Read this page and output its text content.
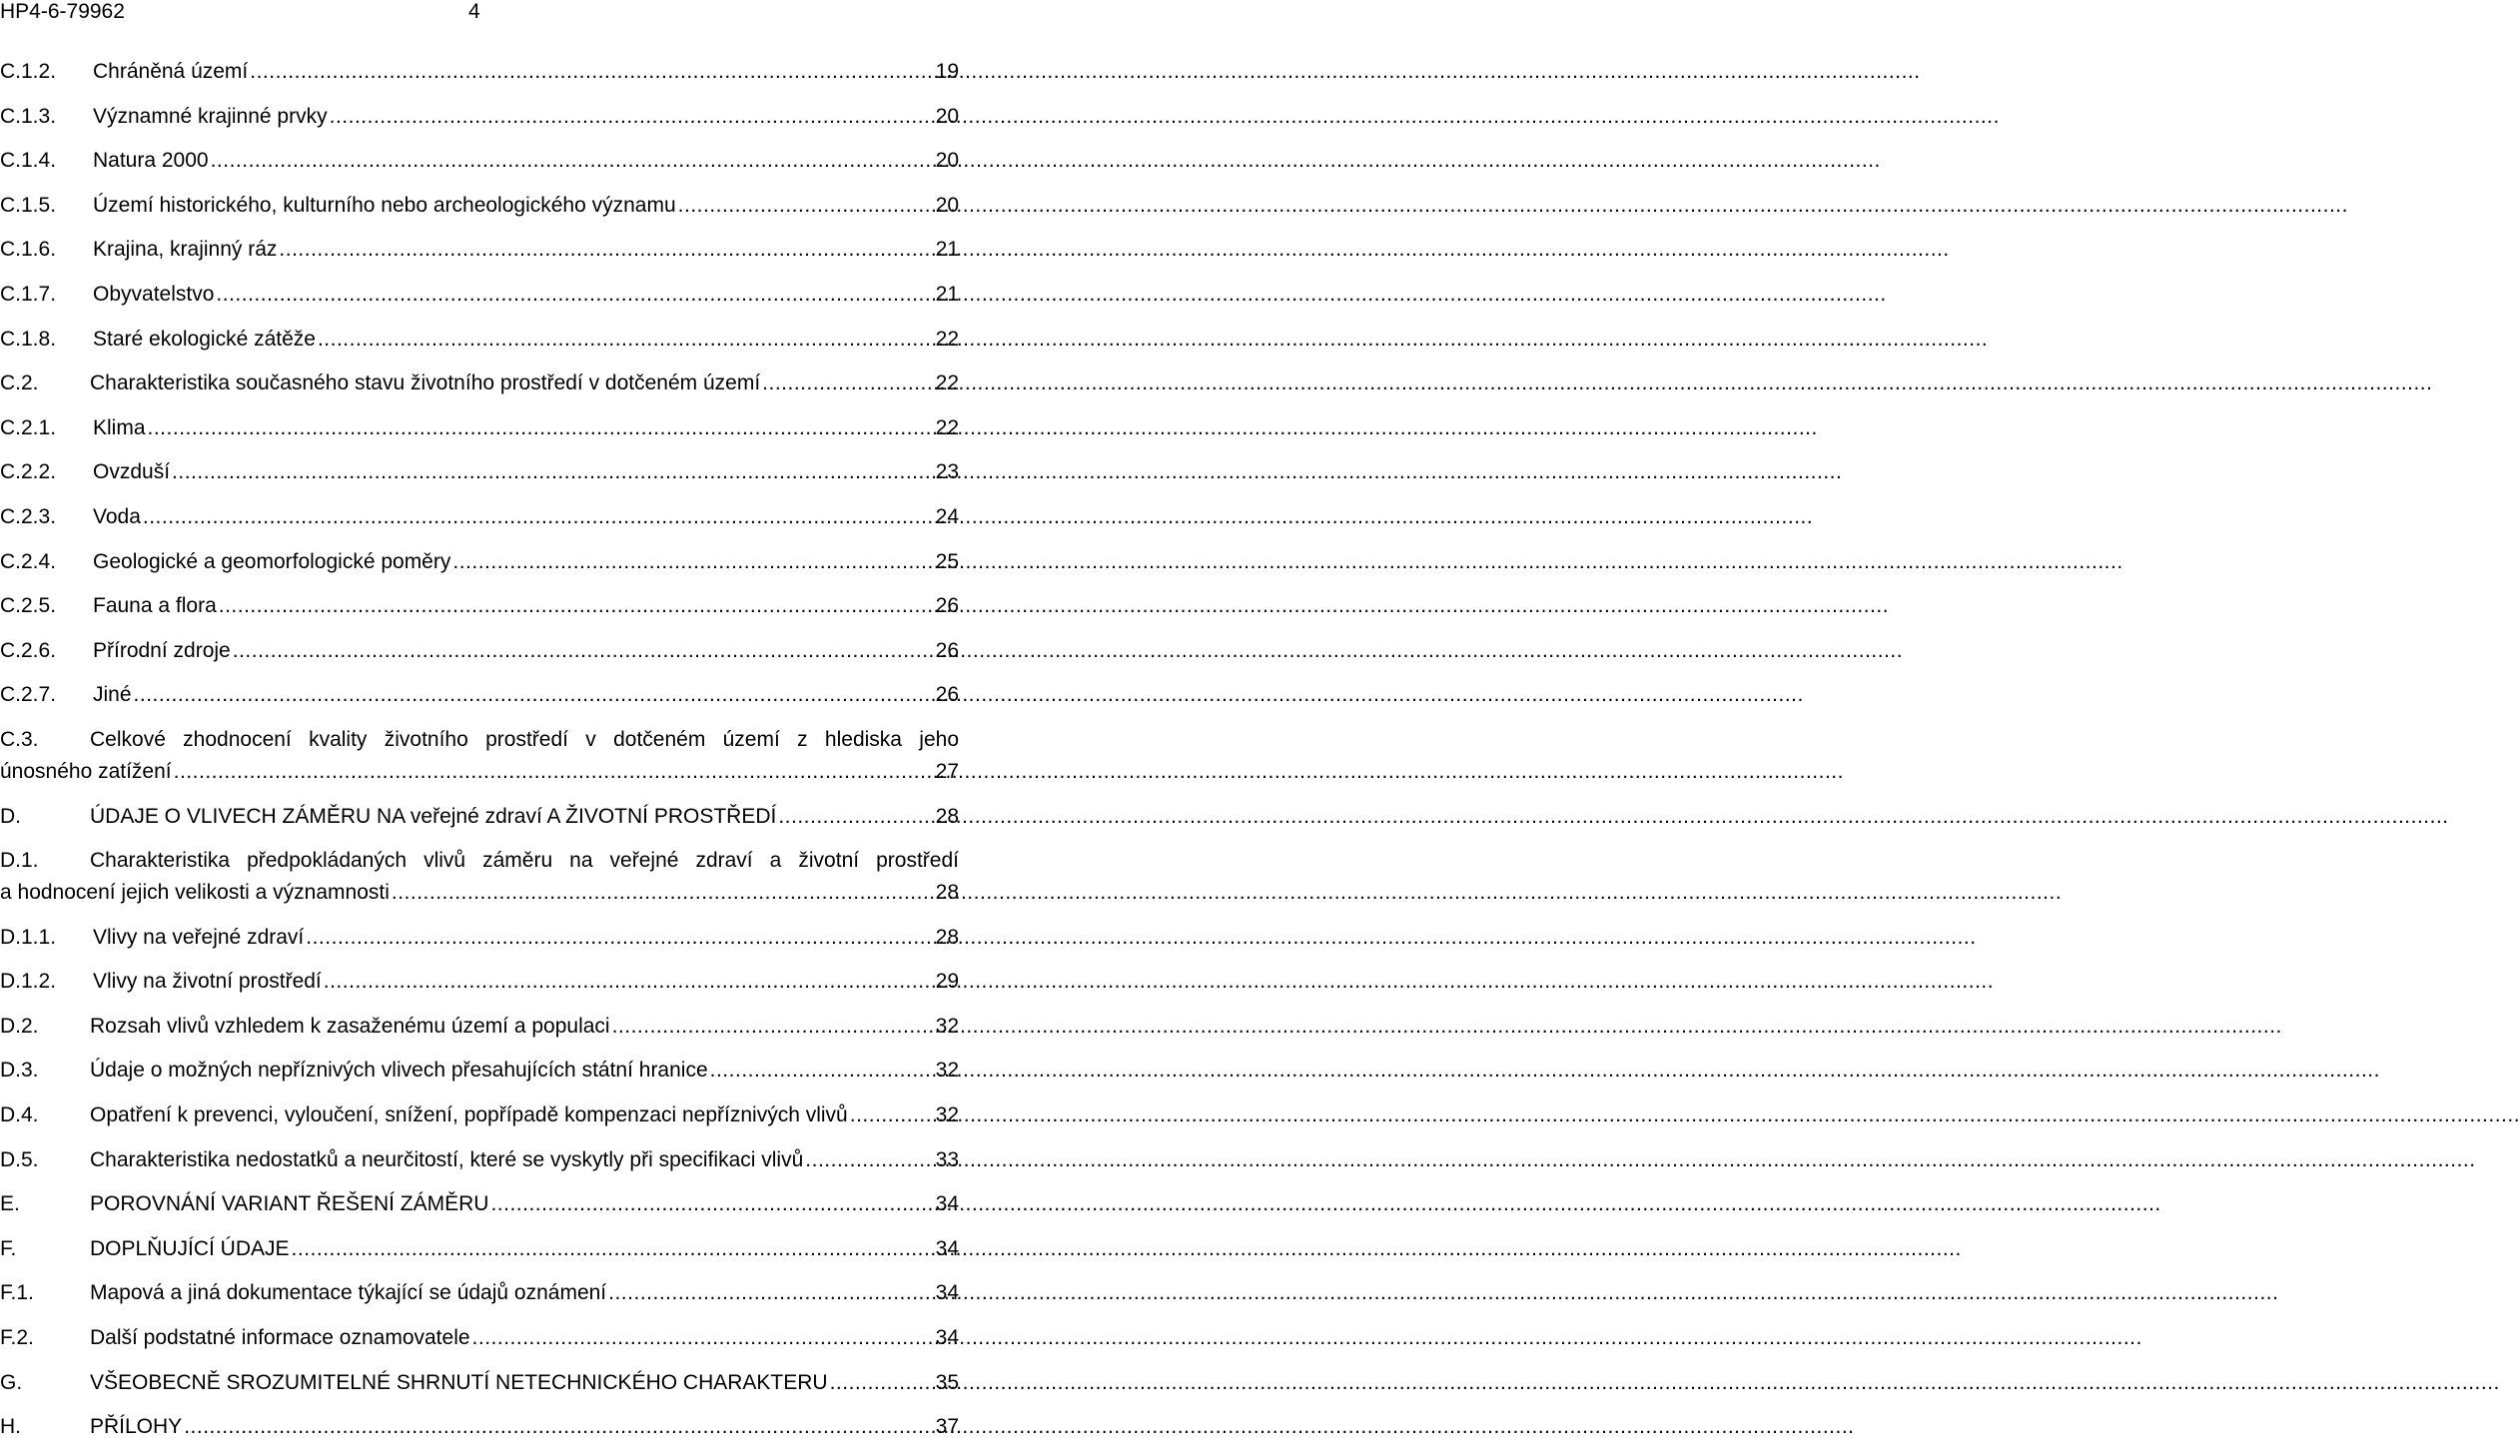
HP4-6-79962	4
C.1.2.	Chráněná území .....	19
C.1.3.	Významné krajinné prvky .....	20
C.1.4.	Natura 2000 .....	20
C.1.5.	Území historického, kulturního nebo archeologického významu .....	20
C.1.6.	Krajina, krajinný ráz .....	21
C.1.7.	Obyvatelstvo .....	21
C.1.8.	Staré ekologické zátěže .....	22
C.2.	Charakteristika současného stavu životního prostředí v dotčeném území .....	22
C.2.1.	Klima .....	22
C.2.2.	Ovzduší .....	23
C.2.3.	Voda .....	24
C.2.4.	Geologické a geomorfologické poměry .....	25
C.2.5.	Fauna a flora .....	26
C.2.6.	Přírodní zdroje .....	26
C.2.7.	Jiné .....	26
C.3.	Celkové zhodnocení kvality životního prostředí v dotčeném území z hlediska jeho
únosného zatížení .....	27
D.	ÚDAJE O VLIVECH ZÁMĚRU NA veřejné zdraví A ŽIVOTNÍ PROSTŘEDÍ .....	28
D.1.	Charakteristika předpokládaných vlivů záměru na veřejné zdraví a životní prostředí
a hodnocení jejich velikosti a významnosti .....	28
D.1.1.	Vlivy na veřejné zdraví .....	28
D.1.2.	Vlivy na životní prostředí .....	29
D.2.	Rozsah vlivů vzhledem k zasaženému území a populaci .....	32
D.3.	Údaje o možných nepříznivých vlivech přesahujících státní hranice .....	32
D.4.	Opatření k prevenci, vyloučení, snížení, popřípadě kompenzaci nepříznivých vlivů .....	32
D.5.	Charakteristika nedostatků a neurčitostí, které se vyskytly při specifikaci vlivů .....	33
E.	POROVNÁNÍ VARIANT ŘEŠENÍ ZÁMĚRU .....	34
F.	DOPLŇUJÍCÍ ÚDAJE .....	34
F.1.	Mapová a jiná dokumentace týkající se údajů oznámení .....	34
F.2.	Další podstatné informace oznamovatele .....	34
G.	VŠEOBECNĚ SROZUMITELNÉ SHRNUTÍ NETECHNICKÉHO CHARAKTERU .....	35
H.	PŘÍLOHY .....	37
